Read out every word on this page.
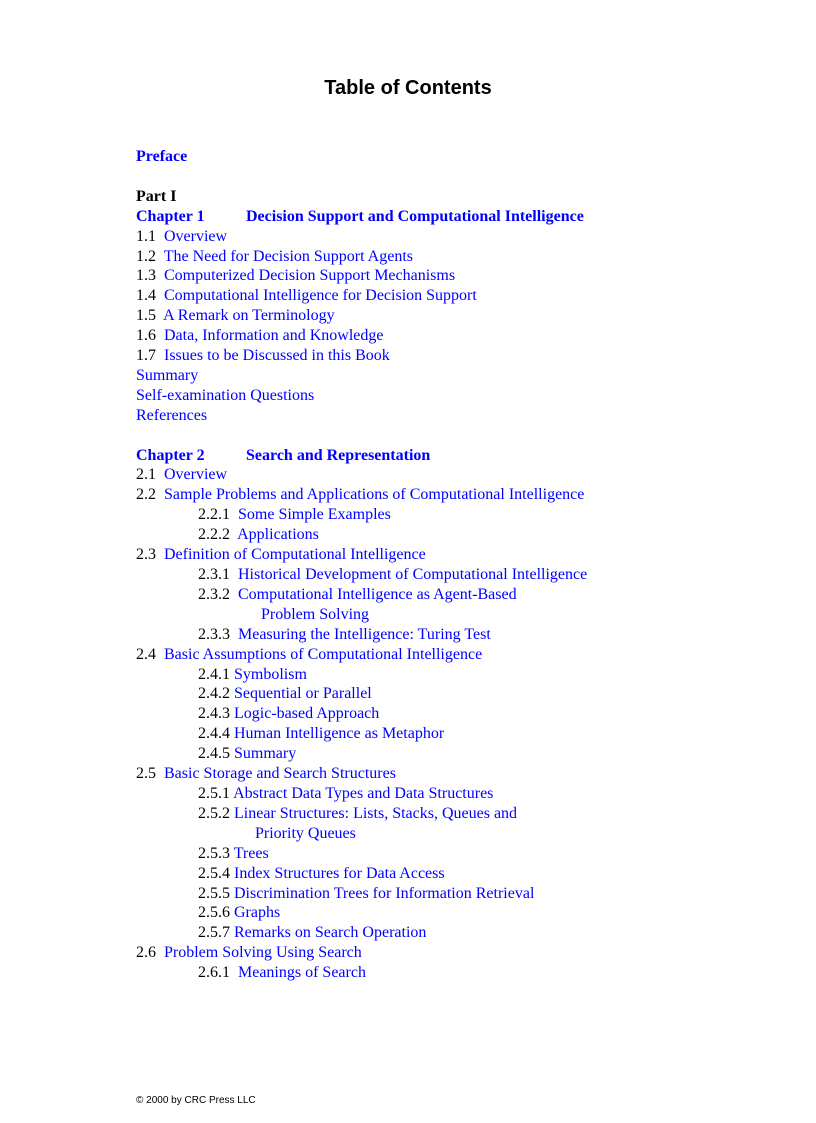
Table of Contents
Preface
Part I
Chapter 1	Decision Support and Computational Intelligence
1.1 Overview
1.2 The Need for Decision Support Agents
1.3 Computerized Decision Support Mechanisms
1.4 Computational Intelligence for Decision Support
1.5 A Remark on Terminology
1.6 Data, Information and Knowledge
1.7 Issues to be Discussed in this Book
Summary
Self-examination Questions
References
Chapter 2	Search and Representation
2.1 Overview
2.2 Sample Problems and Applications of Computational Intelligence
2.2.1 Some Simple Examples
2.2.2 Applications
2.3 Definition of Computational Intelligence
2.3.1 Historical Development of Computational Intelligence
2.3.2 Computational Intelligence as Agent-Based
Problem Solving
2.3.3 Measuring the Intelligence: Turing Test
2.4 Basic Assumptions of Computational Intelligence
2.4.1 Symbolism
2.4.2 Sequential or Parallel
2.4.3 Logic-based Approach
2.4.4 Human Intelligence as Metaphor
2.4.5 Summary
2.5 Basic Storage and Search Structures
2.5.1 Abstract Data Types and Data Structures
2.5.2 Linear Structures: Lists, Stacks, Queues and
Priority Queues
2.5.3 Trees
2.5.4 Index Structures for Data Access
2.5.5 Discrimination Trees for Information Retrieval
2.5.6 Graphs
2.5.7 Remarks on Search Operation
2.6 Problem Solving Using Search
2.6.1 Meanings of Search
© 2000 by CRC Press LLC
